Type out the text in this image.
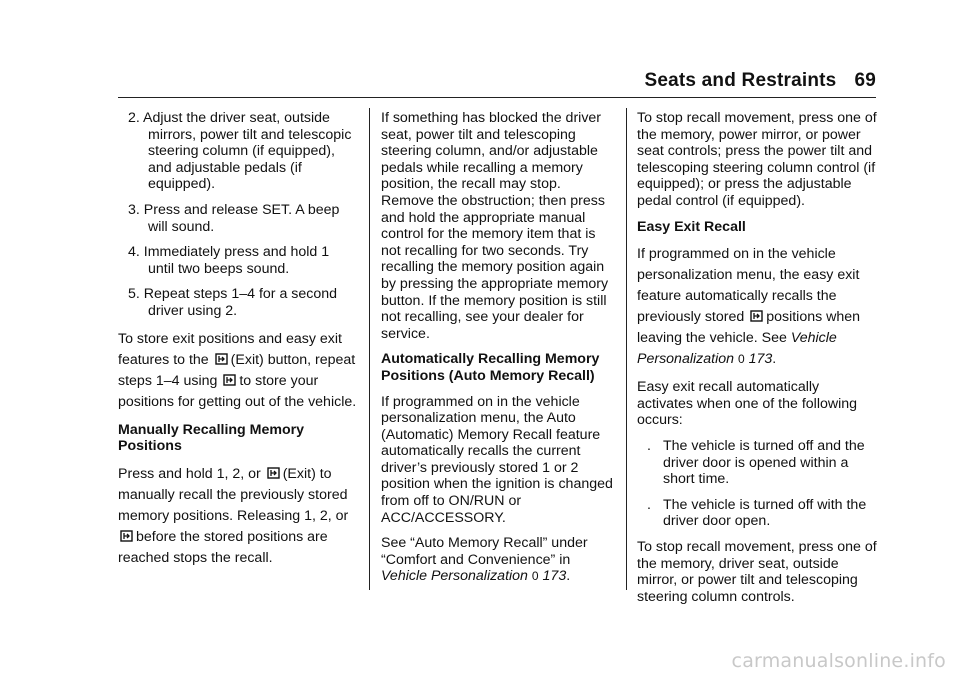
Seats and Restraints 69
2. Adjust the driver seat, outside mirrors, power tilt and telescopic steering column (if equipped), and adjustable pedals (if equipped).
3. Press and release SET. A beep will sound.
4. Immediately press and hold 1 until two beeps sound.
5. Repeat steps 1–4 for a second driver using 2.

To store exit positions and easy exit features to the (Exit) button, repeat steps 1–4 using to store your positions for getting out of the vehicle.

Manually Recalling Memory Positions

Press and hold 1, 2, or (Exit) to manually recall the previously stored memory positions. Releasing 1, 2, or before the stored positions are reached stops the recall.

If something has blocked the driver seat, power tilt and telescoping steering column, and/or adjustable pedals while recalling a memory position, the recall may stop. Remove the obstruction; then press and hold the appropriate manual control for the memory item that is not recalling for two seconds. Try recalling the memory position again by pressing the appropriate memory button. If the memory position is still not recalling, see your dealer for service.

Automatically Recalling Memory Positions (Auto Memory Recall)

If programmed on in the vehicle personalization menu, the Auto (Automatic) Memory Recall feature automatically recalls the current driver’s previously stored 1 or 2 position when the ignition is changed from off to ON/RUN or ACC/ACCESSORY.

See “Auto Memory Recall” under “Comfort and Convenience” in Vehicle Personalization 0 173.

To stop recall movement, press one of the memory, power mirror, or power seat controls; press the power tilt and telescoping steering column control (if equipped); or press the adjustable pedal control (if equipped).

Easy Exit Recall

If programmed on in the vehicle personalization menu, the easy exit feature automatically recalls the previously stored positions when leaving the vehicle. See Vehicle Personalization 0 173.

Easy exit recall automatically activates when one of the following occurs:

. The vehicle is turned off and the driver door is opened within a short time.
. The vehicle is turned off with the driver door open.

To stop recall movement, press one of the memory, driver seat, outside mirror, or power tilt and telescoping steering column controls.

carmanualsonline.info
